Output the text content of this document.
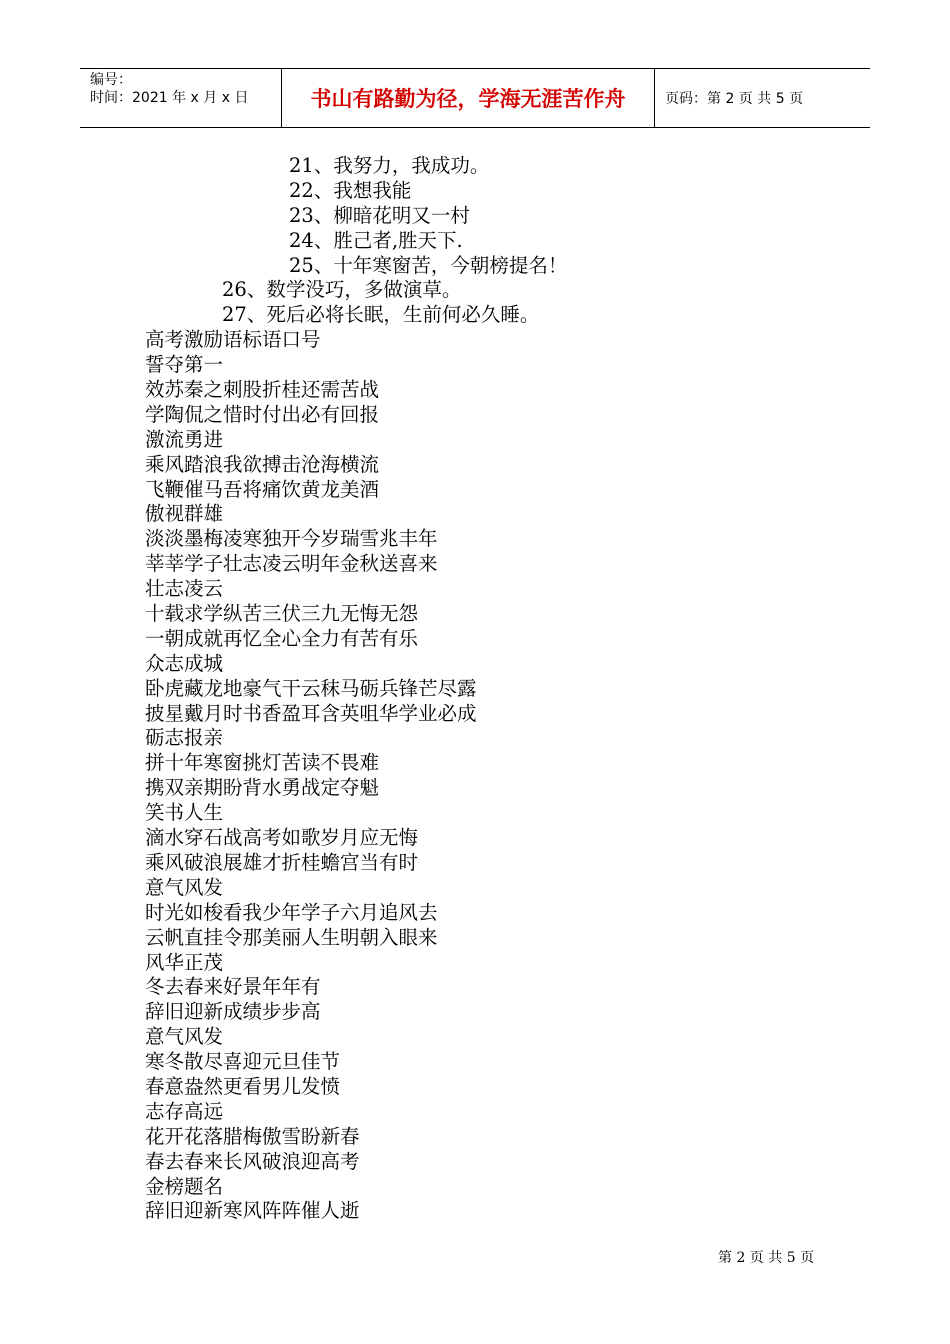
编号：
时间：2021 年 x 月 x 日	书山有路勤为径，学海无涯苦作舟	页码：第 2 页 共 5 页
21、我努力，我成功。
22、我想我能
23、柳暗花明又一村
24、胜己者,胜天下.
25、十年寒窗苦，今朝榜提名！
26、数学没巧，多做演草。
27、死后必将长眠，生前何必久睡。
高考激励语标语口号
誓夺第一
效苏秦之刺股折桂还需苦战
学陶侃之惜时付出必有回报
激流勇进
乘风踏浪我欲搏击沧海横流
飞鞭催马吾将痛饮黄龙美酒
傲视群雄
淡淡墨梅凌寒独开今岁瑞雪兆丰年
莘莘学子壮志凌云明年金秋送喜来
壮志凌云
十载求学纵苦三伏三九无悔无怨
一朝成就再忆全心全力有苦有乐
众志成城
卧虎藏龙地豪气干云秣马砺兵锋芒尽露
披星戴月时书香盈耳含英咀华学业必成
砺志报亲
拼十年寒窗挑灯苦读不畏难
携双亲期盼背水勇战定夺魁
笑书人生
滴水穿石战高考如歌岁月应无悔
乘风破浪展雄才折桂蟾宫当有时
意气风发
时光如梭看我少年学子六月追风去
云帆直挂令那美丽人生明朝入眼来
风华正茂
冬去春来好景年年有
辞旧迎新成绩步步高
意气风发
寒冬散尽喜迎元旦佳节
春意盎然更看男儿发愤
志存高远
花开花落腊梅傲雪盼新春
春去春来长风破浪迎高考
金榜题名
辞旧迎新寒风阵阵催人逝
第 2 页 共 5 页
